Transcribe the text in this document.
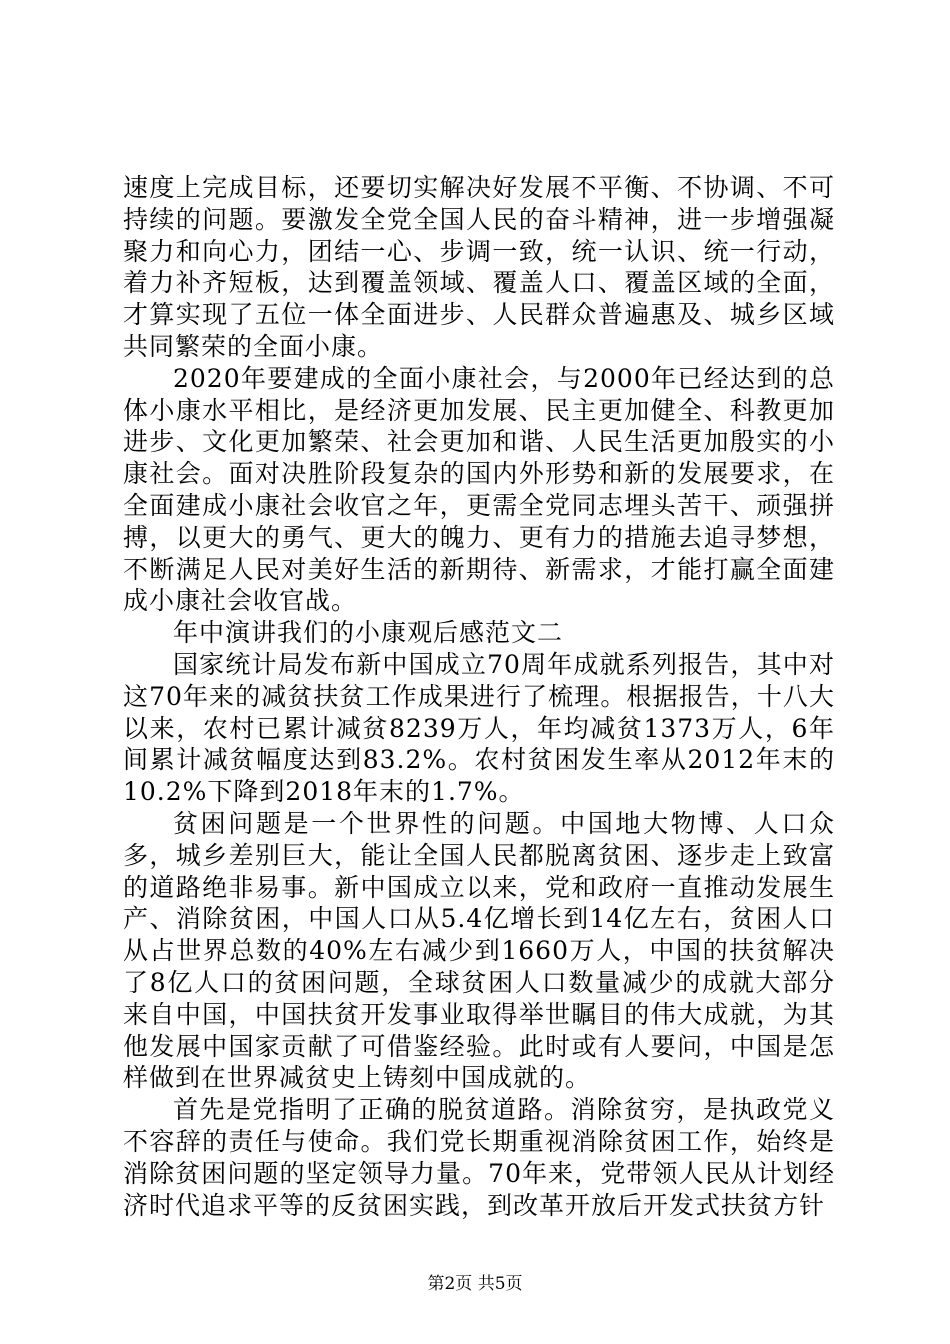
速度上完成目标，还要切实解决好发展不平衡、不协调、不可持续的问题。要激发全党全国人民的奋斗精神，进一步增强凝聚力和向心力，团结一心、步调一致，统一认识、统一行动，着力补齐短板，达到覆盖领域、覆盖人口、覆盖区域的全面，才算实现了五位一体全面进步、人民群众普遍惠及、城乡区域共同繁荣的全面小康。

2020年要建成的全面小康社会，与2000年已经达到的总体小康水平相比，是经济更加发展、民主更加健全、科教更加进步、文化更加繁荣、社会更加和谐、人民生活更加殷实的小康社会。面对决胜阶段复杂的国内外形势和新的发展要求，在全面建成小康社会收官之年，更需全党同志埋头苦干、顽强拼搏，以更大的勇气、更大的魄力、更有力的措施去追寻梦想，不断满足人民对美好生活的新期待、新需求，才能打赢全面建成小康社会收官战。

年中演讲我们的小康观后感范文二

国家统计局发布新中国成立70周年成就系列报告，其中对这70年来的减贫扶贫工作成果进行了梳理。根据报告，十八大以来，农村已累计减贫8239万人，年均减贫1373万人，6年间累计减贫幅度达到83.2%。农村贫困发生率从2012年末的10.2%下降到2018年末的1.7%。

贫困问题是一个世界性的问题。中国地大物博、人口众多，城乡差别巨大，能让全国人民都脱离贫困、逐步走上致富的道路绝非易事。新中国成立以来，党和政府一直推动发展生产、消除贫困，中国人口从5.4亿增长到14亿左右，贫困人口从占世界总数的40%左右减少到1660万人，中国的扶贫解决了8亿人口的贫困问题，全球贫困人口数量减少的成就大部分来自中国，中国扶贫开发事业取得举世瞩目的伟大成就，为其他发展中国家贡献了可借鉴经验。此时或有人要问，中国是怎样做到在世界减贫史上铸刻中国成就的。

首先是党指明了正确的脱贫道路。消除贫穷，是执政党义不容辞的责任与使命。我们党长期重视消除贫困工作，始终是消除贫困问题的坚定领导力量。70年来，党带领人民从计划经济时代追求平等的反贫困实践，到改革开放后开发式扶贫方针

第2页 共5页
